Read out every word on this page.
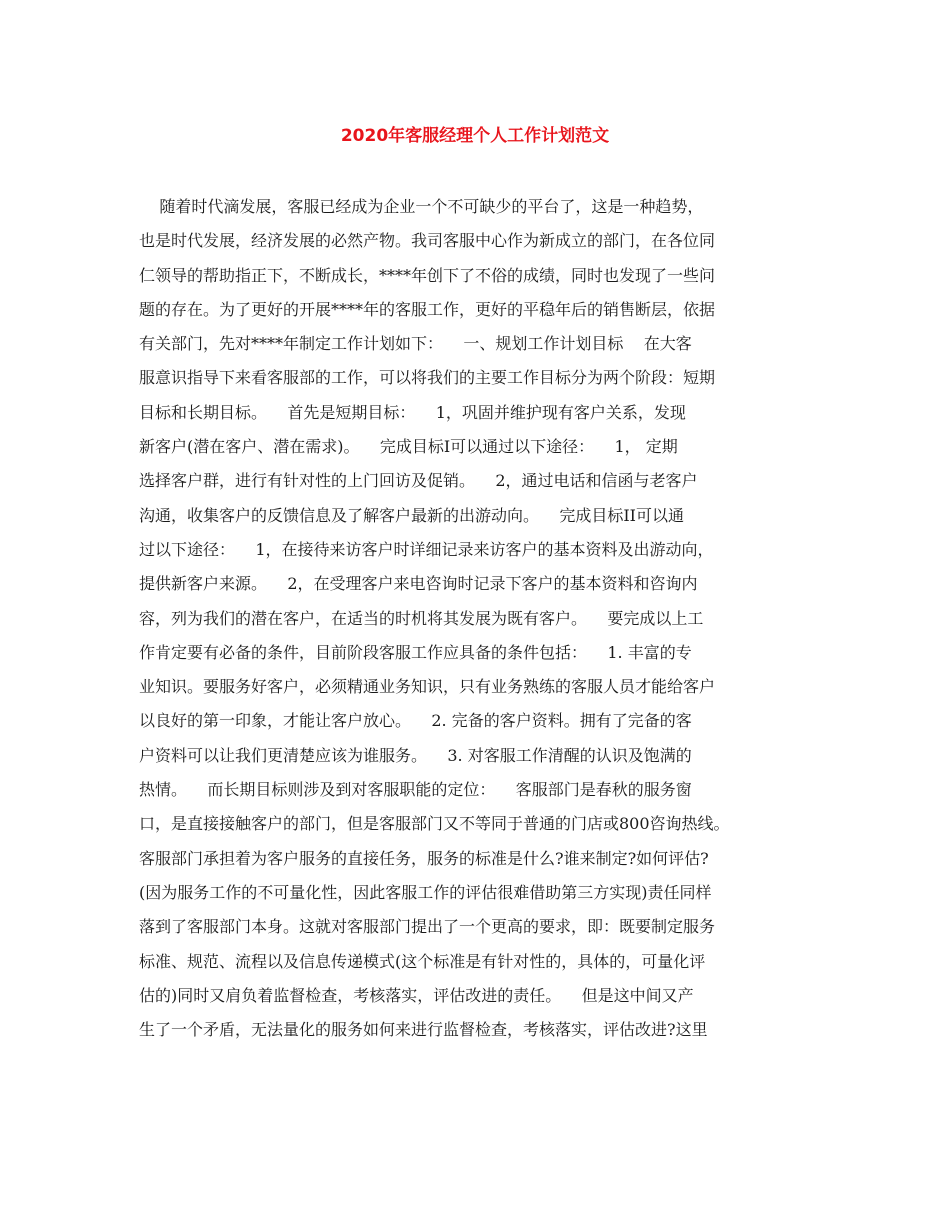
2020年客服经理个人工作计划范文
随着时代滴发展，客服已经成为企业一个不可缺少的平台了，这是一种趋势，
也是时代发展，经济发展的必然产物。我司客服中心作为新成立的部门，在各位同
仁领导的帮助指正下，不断成长，****年创下了不俗的成绩，同时也发现了一些问
题的存在。为了更好的开展****年的客服工作，更好的平稳年后的销售断层，依据
有关部门，先对****年制定工作计划如下：    一、规划工作计划目标    在大客
服意识指导下来看客服部的工作，可以将我们的主要工作目标分为两个阶段：短期
目标和长期目标。    首先是短期目标：    1，巩固并维护现有客户关系，发现
新客户(潜在客户、潜在需求)。    完成目标I可以通过以下途径：    1， 定期
选择客户群，进行有针对性的上门回访及促销。    2，通过电话和信函与老客户
沟通，收集客户的反馈信息及了解客户最新的出游动向。    完成目标II可以通
过以下途径：    1，在接待来访客户时详细记录来访客户的基本资料及出游动向，
提供新客户来源。    2，在受理客户来电咨询时记录下客户的基本资料和咨询内
容，列为我们的潜在客户，在适当的时机将其发展为既有客户。    要完成以上工
作肯定要有必备的条件，目前阶段客服工作应具备的条件包括：    1. 丰富的专
业知识。要服务好客户，必须精通业务知识，只有业务熟练的客服人员才能给客户
以良好的第一印象，才能让客户放心。    2. 完备的客户资料。拥有了完备的客
户资料可以让我们更清楚应该为谁服务。    3. 对客服工作清醒的认识及饱满的
热情。    而长期目标则涉及到对客服职能的定位：    客服部门是春秋的服务窗
口，是直接接触客户的部门，但是客服部门又不等同于普通的门店或800咨询热线。
客服部门承担着为客户服务的直接任务，服务的标准是什么?谁来制定?如何评估?
(因为服务工作的不可量化性，因此客服工作的评估很难借助第三方实现)责任同样
落到了客服部门本身。这就对客服部门提出了一个更高的要求，即：既要制定服务
标准、规范、流程以及信息传递模式(这个标准是有针对性的，具体的，可量化评
估的)同时又肩负着监督检查，考核落实，评估改进的责任。    但是这中间又产
生了一个矛盾，无法量化的服务如何来进行监督检查，考核落实，评估改进?这里
